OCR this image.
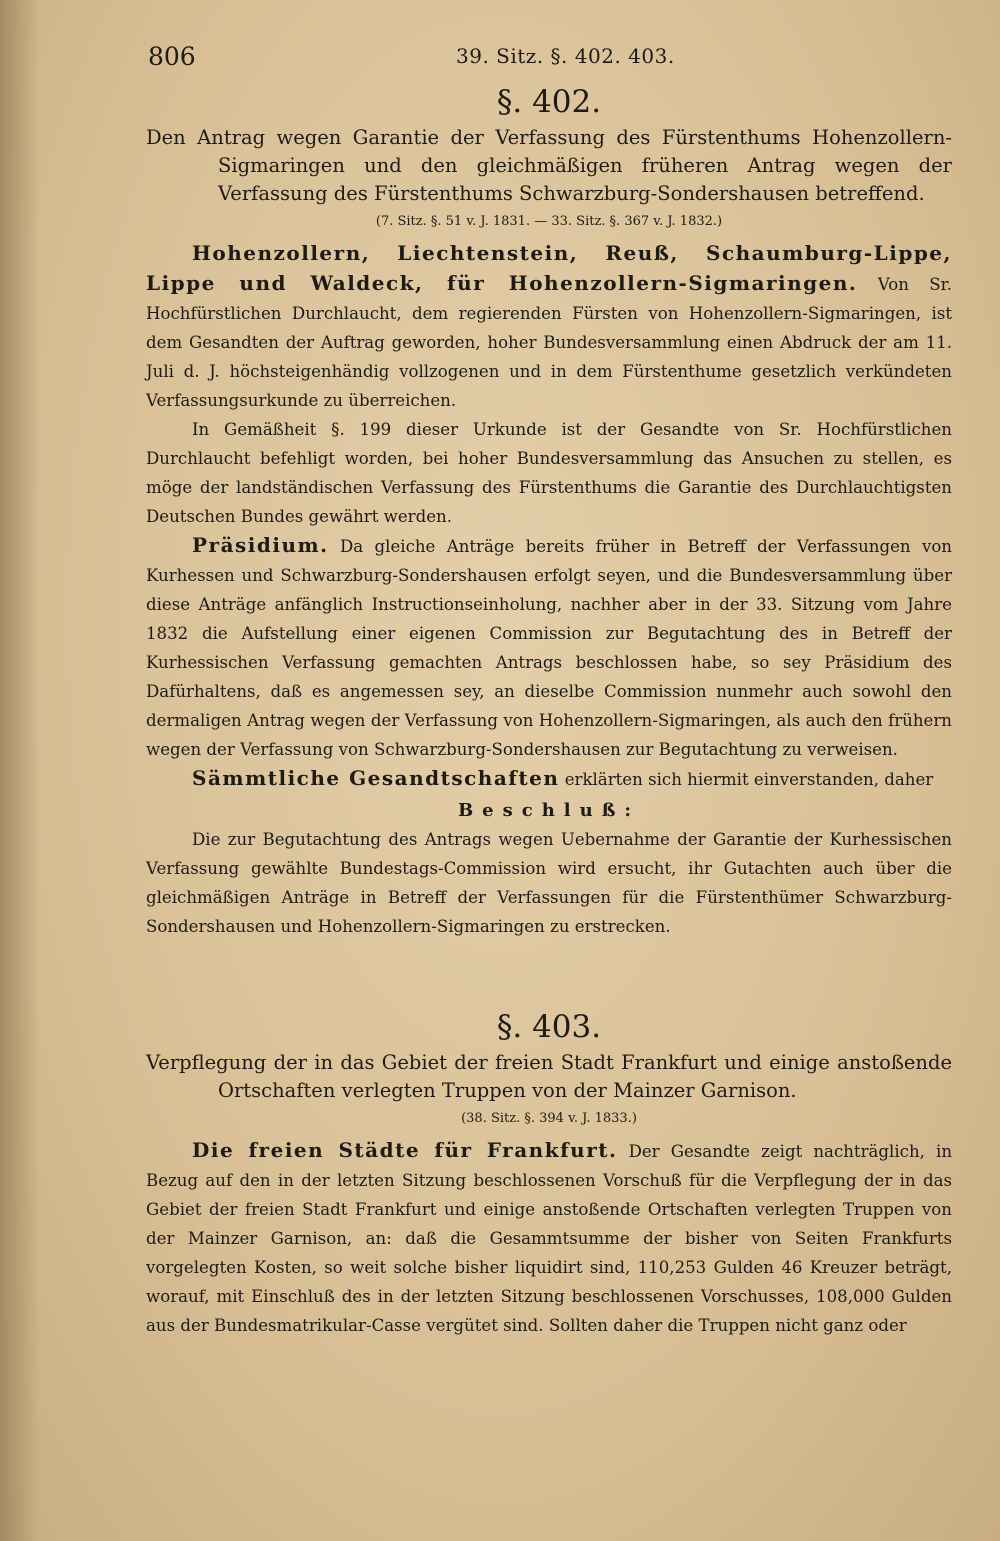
806	39. Sitz. §. 402. 403.
§. 402.

Den Antrag wegen Garantie der Verfassung des Fürstenthums Hohenzollern-Sigmaringen und den gleichmäßigen früheren Antrag wegen der Verfassung des Fürstenthums Schwarzburg-Sondershausen betreffend.

(7. Sitz. §. 51 v. J. 1831. — 33. Sitz. §. 367 v. J. 1832.)

Hohenzollern, Liechtenstein, Reuß, Schaumburg-Lippe, Lippe und Waldeck, für Hohenzollern-Sigmaringen. Von Sr. Hochfürstlichen Durchlaucht, dem regierenden Fürsten von Hohenzollern-Sigmaringen, ist dem Gesandten der Auftrag geworden, hoher Bundesversammlung einen Abdruck der am 11. Juli d. J. höchsteigenhändig vollzogenen und in dem Fürstenthume gesetzlich verkündeten Verfassungsurkunde zu überreichen.

In Gemäßheit §. 199 dieser Urkunde ist der Gesandte von Sr. Hochfürstlichen Durchlaucht befehligt worden, bei hoher Bundesversammlung das Ansuchen zu stellen, es möge der landständischen Verfassung des Fürstenthums die Garantie des Durchlauchtigsten Deutschen Bundes gewährt werden.

Präsidium. Da gleiche Anträge bereits früher in Betreff der Verfassungen von Kurhessen und Schwarzburg-Sondershausen erfolgt seyen, und die Bundesversammlung über diese Anträge anfänglich Instructionseinholung, nachher aber in der 33. Sitzung vom Jahre 1832 die Aufstellung einer eigenen Commission zur Begutachtung des in Betreff der Kurhessischen Verfassung gemachten Antrags beschlossen habe, so sey Präsidium des Dafürhaltens, daß es angemessen sey, an dieselbe Commission nunmehr auch sowohl den dermaligen Antrag wegen der Verfassung von Hohenzollern-Sigmaringen, als auch den frühern wegen der Verfassung von Schwarzburg-Sondershausen zur Begutachtung zu verweisen.

Sämmtliche Gesandtschaften erklärten sich hiermit einverstanden, daher

Beschluß:

Die zur Begutachtung des Antrags wegen Uebernahme der Garantie der Kurhessischen Verfassung gewählte Bundestags-Commission wird ersucht, ihr Gutachten auch über die gleichmäßigen Anträge in Betreff der Verfassungen für die Fürstenthümer Schwarzburg-Sondershausen und Hohenzollern-Sigmaringen zu erstrecken.

§. 403.

Verpflegung der in das Gebiet der freien Stadt Frankfurt und einige anstoßende Ortschaften verlegten Truppen von der Mainzer Garnison.

(38. Sitz. §. 394 v. J. 1833.)

Die freien Städte für Frankfurt. Der Gesandte zeigt nachträglich, in Bezug auf den in der letzten Sitzung beschlossenen Vorschuß für die Verpflegung der in das Gebiet der freien Stadt Frankfurt und einige anstoßende Ortschaften verlegten Truppen von der Mainzer Garnison, an: daß die Gesammtsumme der bisher von Seiten Frankfurts vorgelegten Kosten, so weit solche bisher liquidirt sind, 110,253 Gulden 46 Kreuzer beträgt, worauf, mit Einschluß des in der letzten Sitzung beschlossenen Vorschusses, 108,000 Gulden aus der Bundesmatrikular-Casse vergütet sind. Sollten daher die Truppen nicht ganz oder
